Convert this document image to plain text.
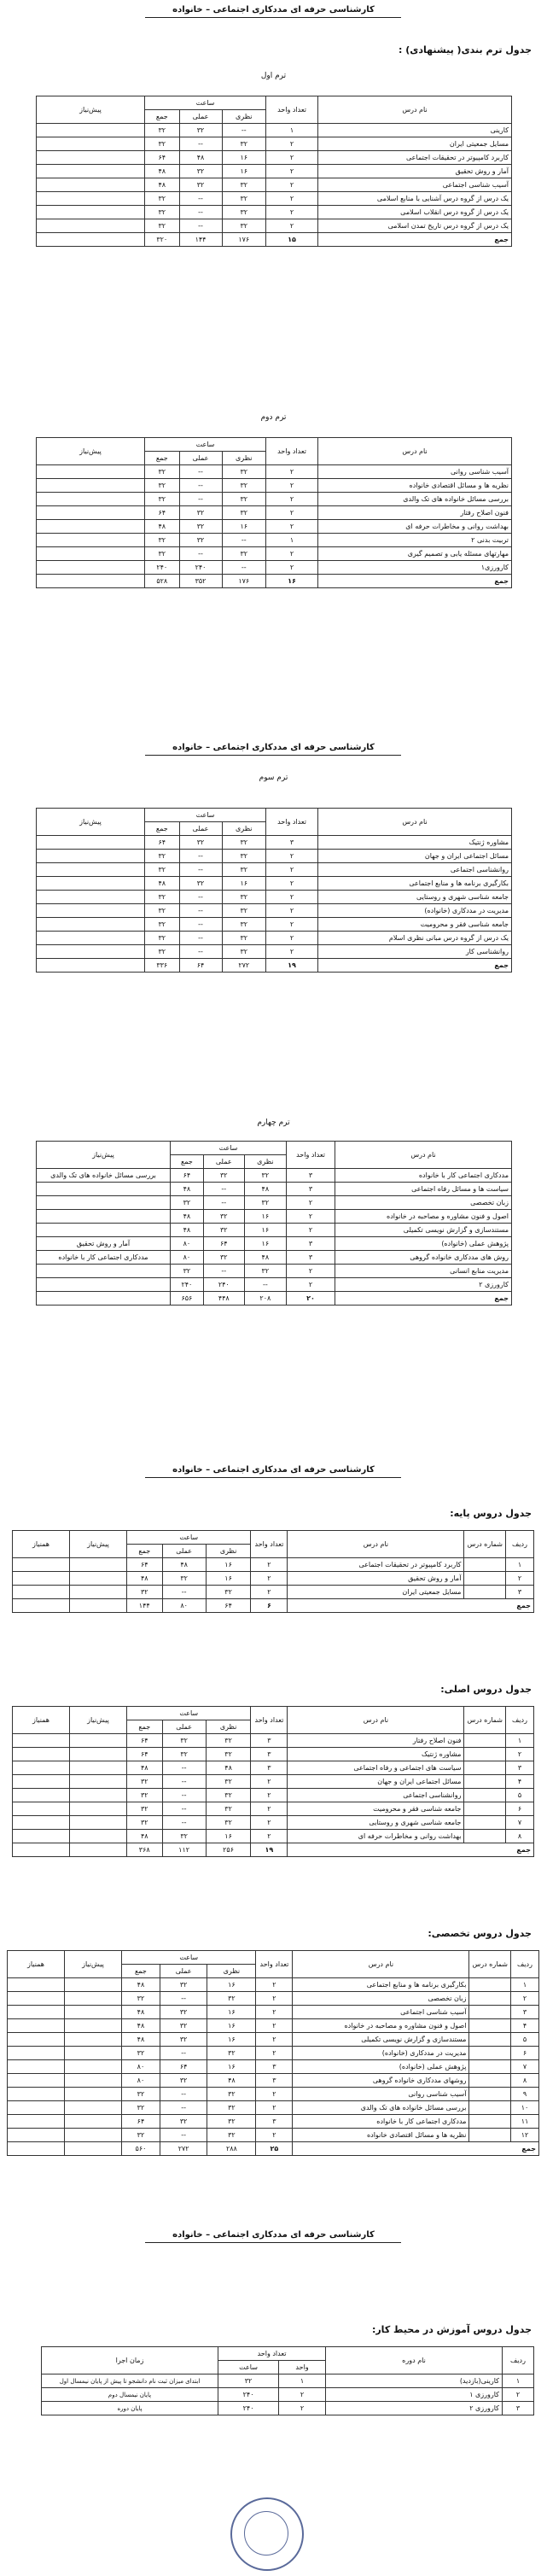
کارشناسی حرفه ای مددکاری اجتماعی – خانواده
جدول ترم بندی( پیشنهادی) :
ترم اول
نام درس	تعداد واحد	ساعت			پیش‌نیاز
		نظری	عملی	جمع	
کارینی	۱	--	۳۲	۳۲	
مسایل جمعیتی ایران	۲	۳۲	--	۳۲	
کاربرد کامپیوتر در تحقیقات اجتماعی	۲	۱۶	۴۸	۶۴	
آمار و روش تحقیق	۲	۱۶	۳۲	۴۸	
آسیب شناسی اجتماعی	۲	۳۲	۳۲	۴۸	
یک درس از گروه درس آشنایی با منابع اسلامی	۲	۳۲	--	۳۲	
یک درس از گروه درس انقلاب اسلامی	۲	۳۲	--	۳۲	
یک درس از گروه درس تاریخ تمدن اسلامی	۲	۳۲	--	۳۲	
جمع	۱۵	۱۷۶	۱۴۴	۳۲۰	
ترم دوم
نام درس	تعداد واحد	ساعت			پیش‌نیاز
		نظری	عملی	جمع	
آسیب شناسی روانی	۲	۳۲	--	۳۲	
نظریه ها و مسائل اقتصادی خانواده	۲	۳۲	--	۳۲	
بررسی مسائل خانواده های تک والدی	۲	۳۲	--	۳۲	
فنون اصلاح رفتار	۲	۳۲	۳۲	۶۴	
بهداشت روانی و مخاطرات حرفه ای	۲	۱۶	۳۲	۴۸	
تربیت بدنی ۲	۱	--	۳۲	۳۲	
مهارتهای مسئله یابی و تصمیم گیری	۲	۳۲	--	۳۲	
کارورزی۱	۲	--	۲۴۰	۲۴۰	
جمع	۱۶	۱۷۶	۳۵۲	۵۲۸	
کارشناسی حرفه ای مددکاری اجتماعی – خانواده
ترم سوم
نام درس	تعداد واحد	ساعت			پیش‌نیاز
		نظری	عملی	جمع	
مشاوره ژنتیک	۳	۳۲	۳۲	۶۴	
مسائل اجتماعی ایران و جهان	۲	۳۲	--	۳۲	
روانشناسی اجتماعی	۲	۳۲	--	۳۲	
بکارگیری برنامه ها و منابع اجتماعی	۲	۱۶	۳۲	۴۸	
جامعه شناسی شهری و روستایی	۲	۳۲	--	۳۲	
مدیریت در مددکاری (خانواده)	۲	۳۲	--	۳۲	
جامعه شناسی فقر و محرومیت	۲	۳۲	--	۳۲	
یک درس از گروه درس مبانی نظری اسلام	۲	۳۲	--	۳۲	
روانشناسی کار	۲	۳۲	--	۳۲	
جمع	۱۹	۲۷۲	۶۴	۳۳۶	
ترم چهارم
نام درس	تعداد واحد	ساعت			پیش‌نیاز
		نظری	عملی	جمع	
مددکاری اجتماعی کار با خانواده	۳	۳۲	۳۲	۶۴	بررسی مسائل خانواده های تک والدی
سیاست ها و مسائل رفاه اجتماعی	۳	۴۸	--	۴۸	
زبان تخصصی	۲	۳۲	--	۳۲	
اصول و فنون مشاوره و مصاحبه در خانواده	۲	۱۶	۳۲	۴۸	
مستندسازی و گزارش نویسی تکمیلی	۲	۱۶	۳۲	۴۸	
پژوهش عملی (خانواده)	۳	۱۶	۶۴	۸۰	آمار و روش تحقیق
روش های مددکاری خانواده گروهی	۳	۴۸	۳۲	۸۰	مددکاری اجتماعی کار با خانواده
مدیریت منابع انسانی	۲	۳۲	--	۳۲	
کارورزی ۲	۲	--	۲۴۰	۲۴۰	
جمع	۲۰	۲۰۸	۴۴۸	۶۵۶	
کارشناسی حرفه ای مددکاری اجتماعی – خانواده
جدول دروس پایه:
ردیف	شماره درس	نام درس	تعداد واحد	ساعت			پیش‌نیاز	همنیاز
				نظری	عملی	جمع		
۱		کاربرد کامپیوتر در تحقیقات اجتماعی	۲	۱۶	۴۸	۶۴		
۲		آمار و روش تحقیق	۲	۱۶	۳۲	۴۸		
۳		مسایل جمعیتی ایران	۲	۳۲	--	۳۲		
جمع			۶	۶۴	۸۰	۱۴۴		
جدول دروس اصلی:
ردیف	شماره درس	نام درس	تعداد واحد	ساعت			پیش‌نیاز	همنیاز
				نظری	عملی	جمع		
۱		فنون اصلاح رفتار	۳	۳۲	۳۲	۶۴		
۲		مشاوره ژنتیک	۳	۳۲	۳۲	۶۴		
۳		سیاست های اجتماعی و رفاه اجتماعی	۳	۴۸	--	۴۸		
۴		مسائل اجتماعی ایران و جهان	۲	۳۲	--	۳۲		
۵		روانشناسی اجتماعی	۲	۳۲	--	۳۲		
۶		جامعه شناسی فقر و محرومیت	۲	۳۲	--	۳۲		
۷		جامعه شناسی شهری و روستایی	۲	۳۲	--	۳۲		
۸		بهداشت روانی و مخاطرات حرفه ای	۲	۱۶	۳۲	۴۸		
جمع			۱۹	۲۵۶	۱۱۲	۳۶۸		
جدول دروس تخصصی:
ردیف	شماره درس	نام درس	تعداد واحد	ساعت			پیش‌نیاز	همنیاز
				نظری	عملی	جمع		
۱		بکارگیری برنامه ها و منابع اجتماعی	۲	۱۶	۳۲	۴۸		
۲		زبان تخصصی	۲	۳۲	--	۳۲		
۳		آسیب شناسی اجتماعی	۲	۱۶	۳۲	۴۸		
۴		اصول و فنون مشاوره و مصاحبه در خانواده	۲	۱۶	۳۲	۴۸		
۵		مستندسازی و گزارش نویسی تکمیلی	۲	۱۶	۳۲	۴۸		
۶		مدیریت در مددکاری (خانواده)	۲	۳۲	--	۳۲		
۷		پژوهش عملی (خانواده)	۳	۱۶	۶۴	۸۰		
۸		روشهای مددکاری خانواده گروهی	۳	۴۸	۳۲	۸۰		
۹		آسیب شناسی روانی	۲	۳۲	--	۳۲		
۱۰		بررسی مسائل خانواده های تک والدی	۲	۳۲	--	۳۲		
۱۱		مددکاری اجتماعی کار با خانواده	۳	۳۲	۳۲	۶۴		
۱۲		نظریه ها و مسائل اقتصادی خانواده	۲	۳۲	--	۳۲		
جمع			۲۵	۲۸۸	۲۷۲	۵۶۰		
کارشناسی حرفه ای مددکاری اجتماعی – خانواده
جدول دروس آموزش در محیط کار:
ردیف	نام دوره	تعداد واحد		زمان اجرا
		واحد	ساعت	
۱	کارینی(بازدید)	۱	۳۲	ابتدای میزان ثبت نام دانشجو تا پیش از پایان نیمسال اول
۲	کارورزی ۱	۲	۲۴۰	پایان نیمسال دوم
۳	کارورزی ۲	۲	۲۴۰	پایان دوره
